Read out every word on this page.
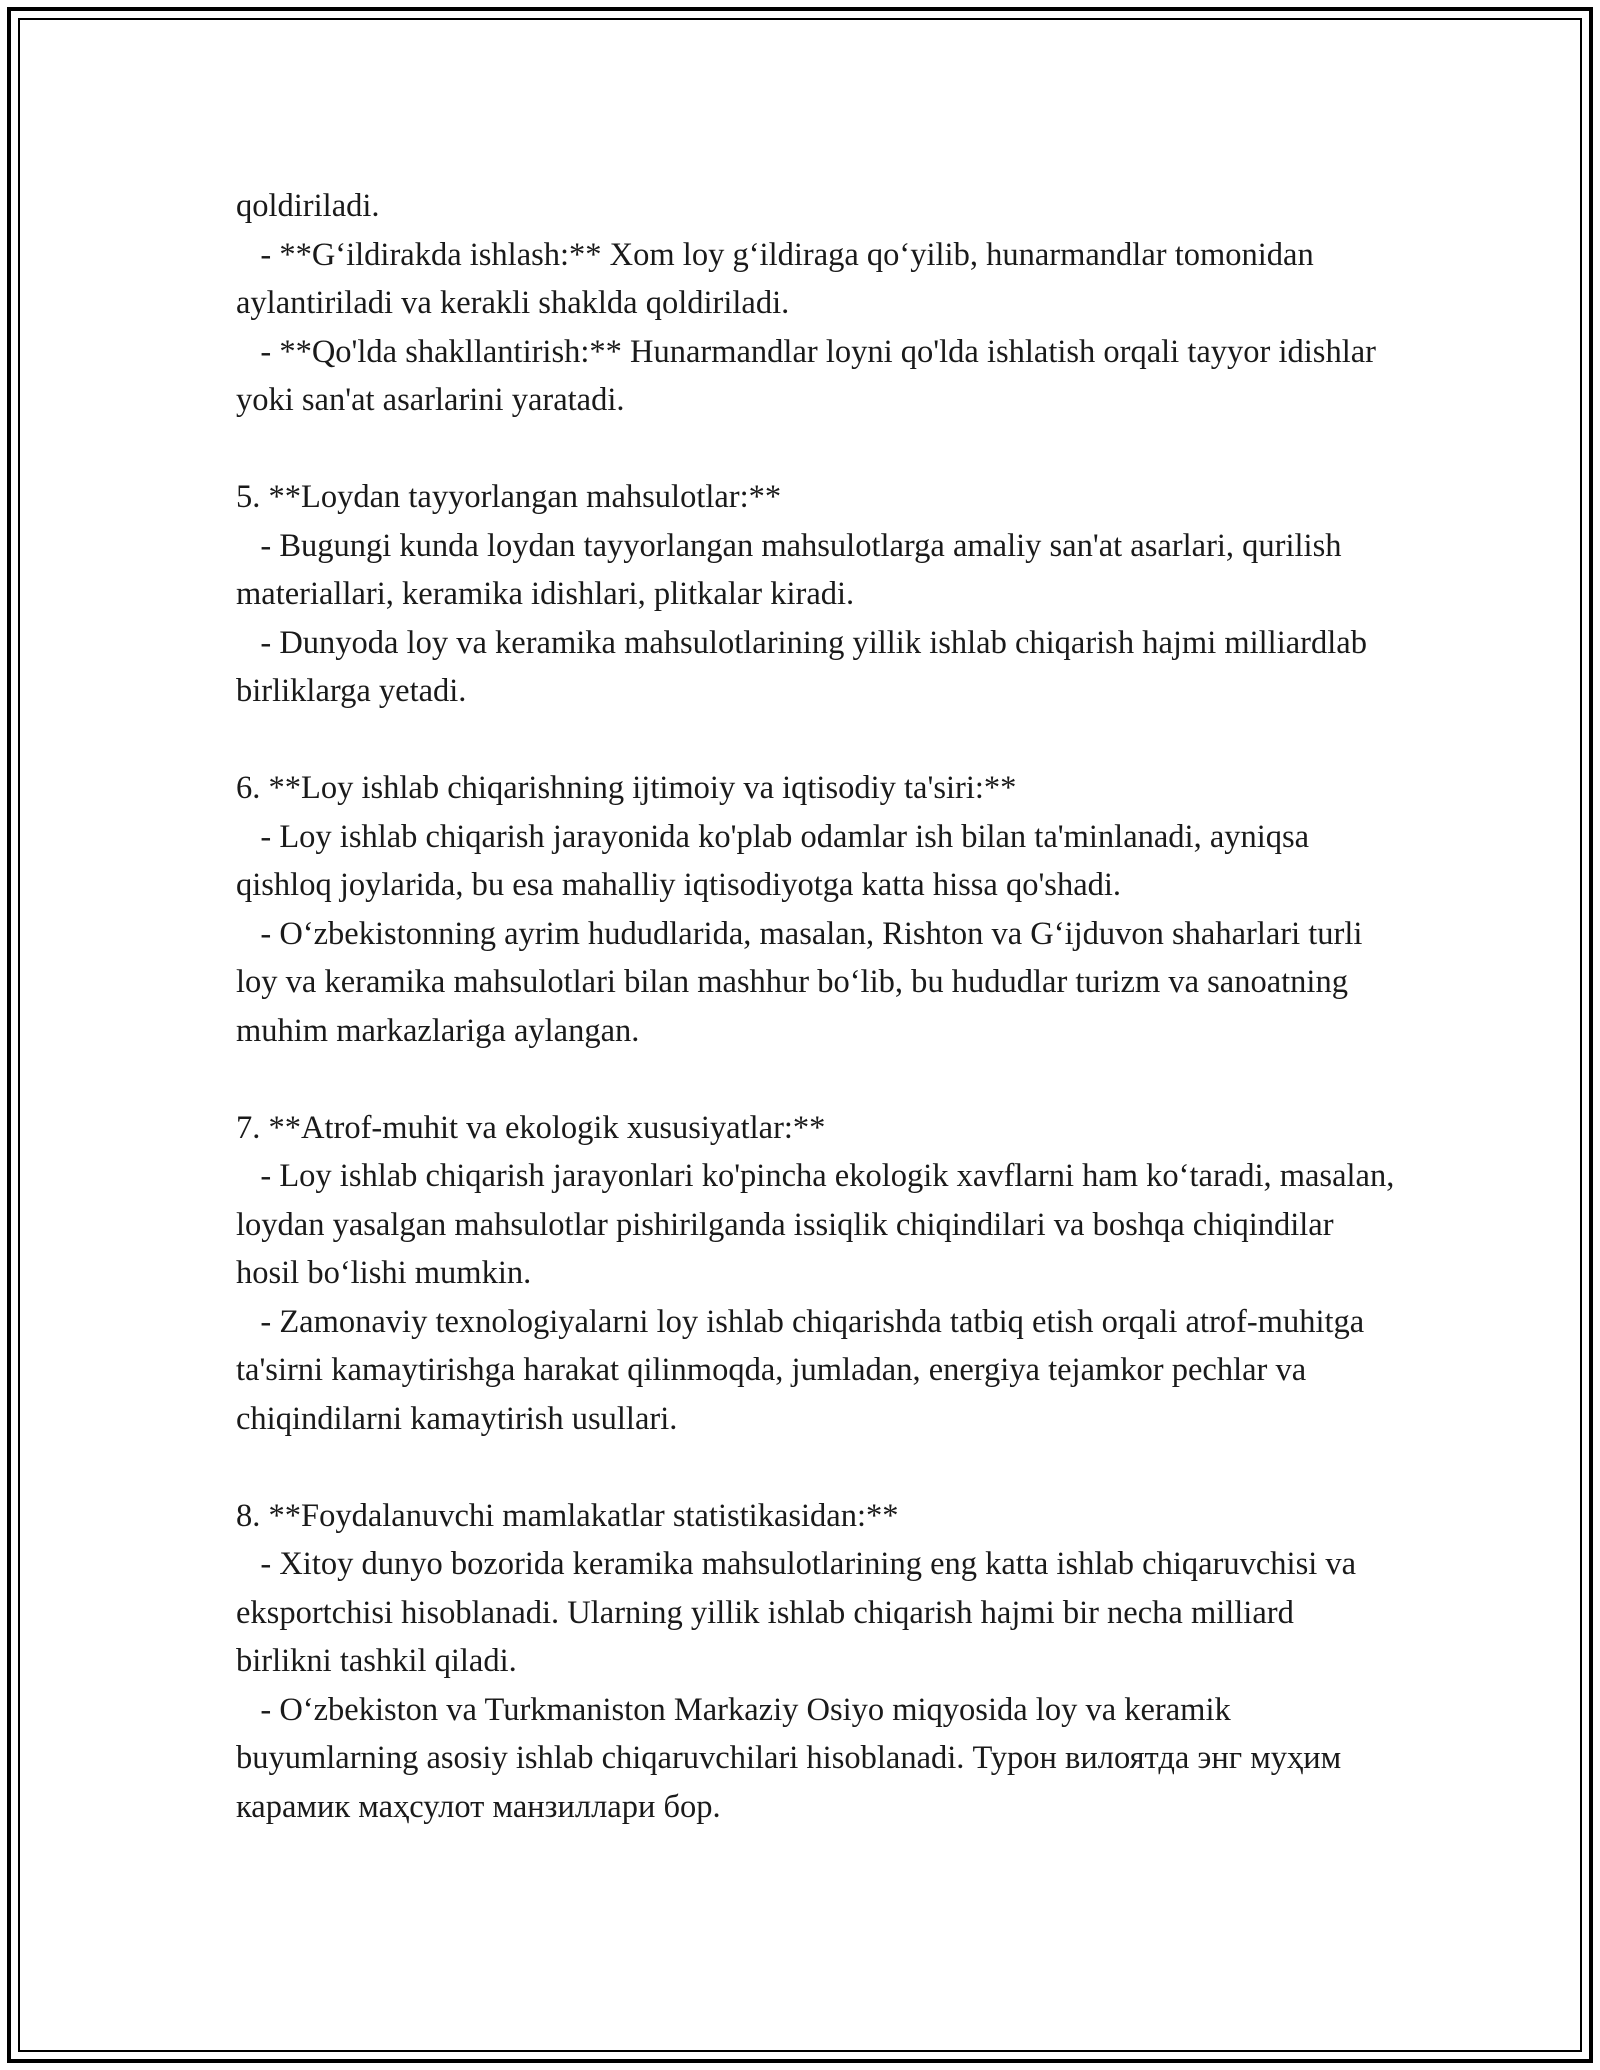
qoldiriladi.

- **G‘ildirakda ishlash:** Xom loy g‘ildiraga qo‘yilib, hunarmandlar tomonidan aylantiriladi va kerakli shaklda qoldiriladi.

- **Qo'lda shakllantirish:** Hunarmandlar loyni qo'lda ishlatish orqali tayyor idishlar yoki san'at asarlarini yaratadi.

5. **Loydan tayyorlangan mahsulotlar:**

- Bugungi kunda loydan tayyorlangan mahsulotlarga amaliy san'at asarlari, qurilish materiallari, keramika idishlari, plitkalar kiradi.

- Dunyoda loy va keramika mahsulotlarining yillik ishlab chiqarish hajmi milliardlab birliklarga yetadi.

6. **Loy ishlab chiqarishning ijtimoiy va iqtisodiy ta'siri:**

- Loy ishlab chiqarish jarayonida ko'plab odamlar ish bilan ta'minlanadi, ayniqsa qishloq joylarida, bu esa mahalliy iqtisodiyotga katta hissa qo'shadi.

- O‘zbekistonning ayrim hududlarida, masalan, Rishton va G‘ijduvon shaharlari turli loy va keramika mahsulotlari bilan mashhur bo‘lib, bu hududlar turizm va sanoatning muhim markazlariga aylangan.

7. **Atrof-muhit va ekologik xususiyatlar:**

- Loy ishlab chiqarish jarayonlari ko'pincha ekologik xavflarni ham ko‘taradi, masalan, loydan yasalgan mahsulotlar pishirilganda issiqlik chiqindilari va boshqa chiqindilar hosil bo‘lishi mumkin.

- Zamonaviy texnologiyalarni loy ishlab chiqarishda tatbiq etish orqali atrof-muhitga ta'sirni kamaytirishga harakat qilinmoqda, jumladan, energiya tejamkor pechlar va chiqindilarni kamaytirish usullari.

8. **Foydalanuvchi mamlakatlar statistikasidan:**

- Xitoy dunyo bozorida keramika mahsulotlarining eng katta ishlab chiqaruvchisi va eksportchisi hisoblanadi. Ularning yillik ishlab chiqarish hajmi bir necha milliard birlikni tashkil qiladi.

- O‘zbekiston va Turkmaniston Markaziy Osiyo miqyosida loy va keramik buyumlarning asosiy ishlab chiqaruvchilari hisoblanadi. Турон вилоятда энг муҳим карамик маҳсулот манзиллари бор.
